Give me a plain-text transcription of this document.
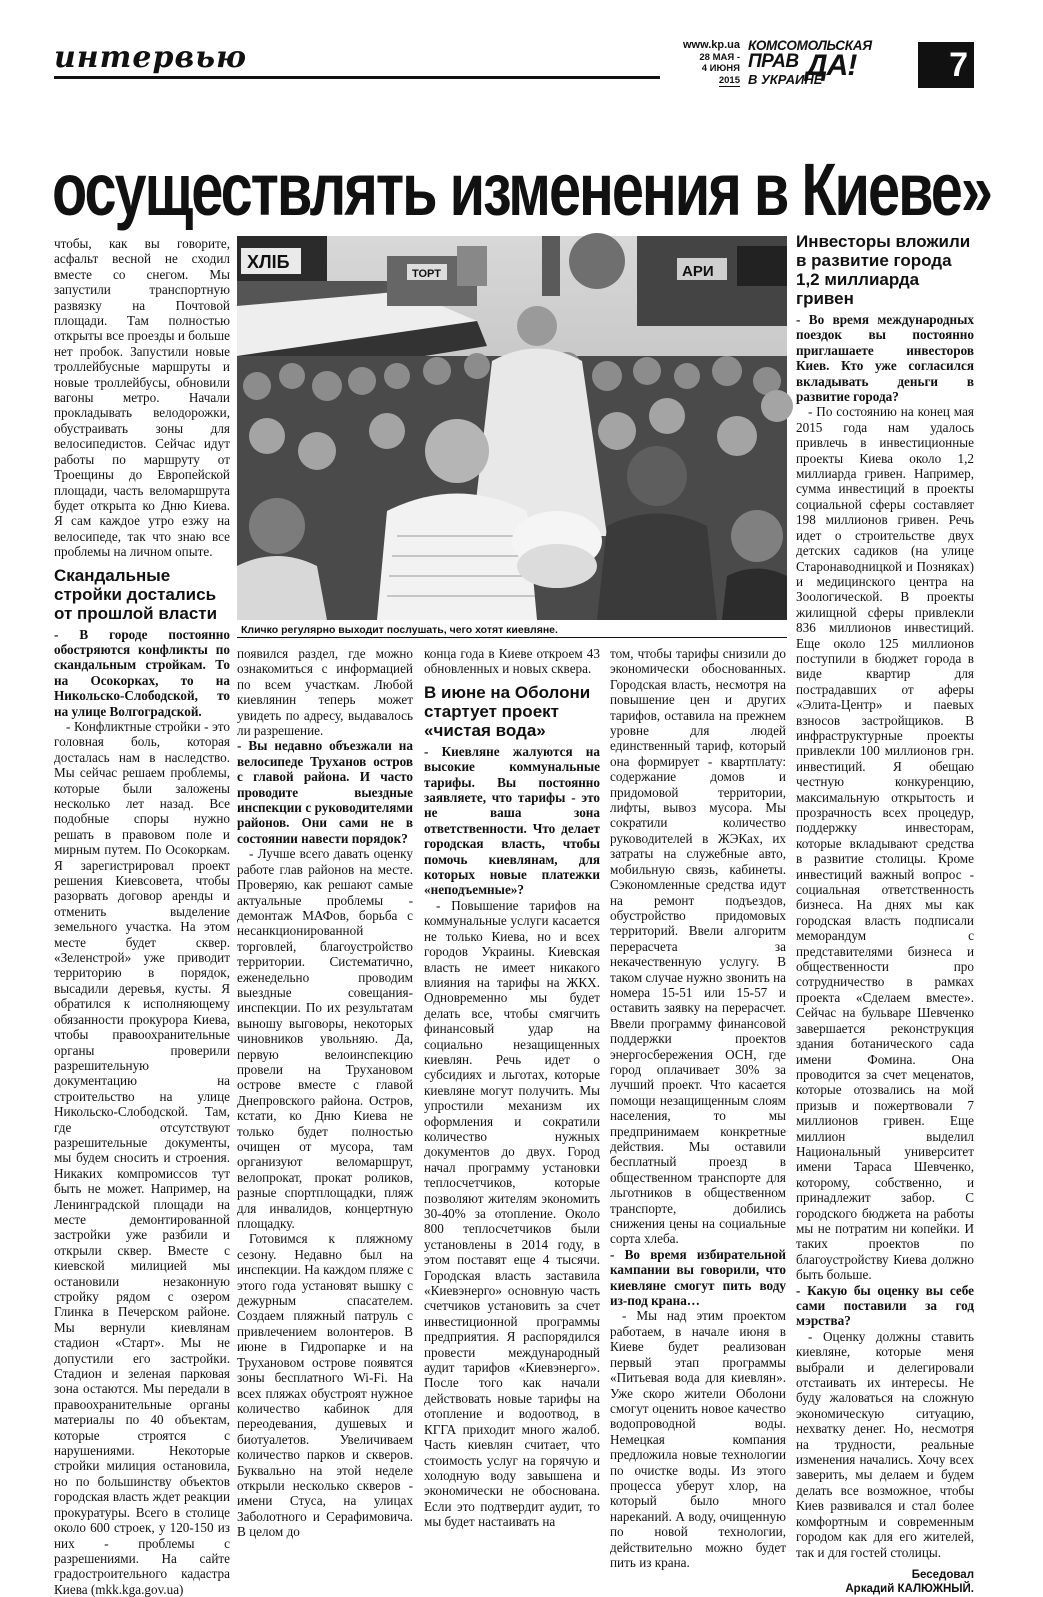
интервью	www.kp.ua
28 МАЯ -
4 ИЮНЯ
2015
КОМСОМОЛЬСКАЯ
ПРАВ ДА!
В УКРАИНЕ	7
осуществлять изменения в Киеве»
ХЛІБ
ТОРТ	АРИ
Кличко регулярно выходит послушать, чего хотят киевляне.

чтобы, как вы говорите, асфальт весной не сходил вместе со снегом. Мы запустили транспортную развязку на Почтовой площади. Там полностью открыты все проезды и больше нет пробок. Запустили новые троллейбусные маршруты и новые троллейбусы, обновили вагоны метро. Начали прокладывать велодорожки, обустраивать зоны для велосипедистов. Сейчас идут работы по маршруту от Троещины до Европейской площади, часть веломаршрута будет открыта ко Дню Киева. Я сам каждое утро езжу на велосипеде, так что знаю все проблемы на личном опыте.

Скандальные стройки достались от прошлой власти

- В городе постоянно обостряются конфликты по скандальным стройкам. То на Осокорках, то на Никольско-Слободской, то на улице Волгоградской.

- Конфликтные стройки - это головная боль, которая досталась нам в наследство. Мы сейчас решаем проблемы, которые были заложены несколько лет назад. Все подобные споры нужно решать в правовом поле и мирным путем. По Осокоркам. Я зарегистрировал проект решения Киевсовета, чтобы разорвать договор аренды и отменить выделение земельного участка. На этом месте будет сквер. «Зеленстрой» уже приводит территорию в порядок, высадили деревья, кусты. Я обратился к исполняющему обязанности прокурора Киева, чтобы правоохранительные органы проверили разрешительную документацию на строительство на улице Никольско-Слободской. Там, где отсутствуют разрешительные документы, мы будем сносить и строения. Никаких компромиссов тут быть не может. Например, на Ленинградской площади на месте демонтированной застройки уже разбили и открыли сквер. Вместе с киевской милицией мы остановили незаконную стройку рядом с озером Глинка в Печерском районе. Мы вернули киевлянам стадион «Старт». Мы не допустили его застройки. Стадион и зеленая парковая зона остаются. Мы передали в правоохранительные органы материалы по 40 объектам, которые строятся с нарушениями. Некоторые стройки милиция остановила, но по большинству объектов городская власть ждет реакции прокуратуры. Всего в столице около 600 строек, у 120-150 из них - проблемы с разрешениями. На сайте градостроительного кадастра Киева (mkk.kga.gov.ua)

появился раздел, где можно ознакомиться с информацией по всем участкам. Любой киевлянин теперь может увидеть по адресу, выдавалось ли разрешение.

- Вы недавно объезжали на велосипеде Труханов остров с главой района. И часто проводите выездные инспекции с руководителями районов. Они сами не в состоянии навести порядок?

- Лучше всего давать оценку работе глав районов на месте. Проверяю, как решают самые актуальные проблемы - демонтаж МАФов, борьба с несанкционированной торговлей, благоустройство территории. Систематично, еженедельно проводим выездные совещания-инспекции. По их результатам выношу выговоры, некоторых чиновников увольняю. Да, первую велоинспекцию провели на Трухановом острове вместе с главой Днепровского района. Остров, кстати, ко Дню Киева не только будет полностью очищен от мусора, там организуют веломаршрут, велопрокат, прокат роликов, разные спортплощадки, пляж для инвалидов, концертную площадку.

Готовимся к пляжному сезону. Недавно был на инспекции. На каждом пляже с этого года установят вышку с дежурным спасателем. Создаем пляжный патруль с привлечением волонтеров. В июне в Гидропарке и на Трухановом острове появятся зоны бесплатного Wi-Fi. На всех пляжах обустроят нужное количество кабинок для переодевания, душевых и биотуалетов. Увеличиваем количество парков и скверов. Буквально на этой неделе открыли несколько скверов - имени Стуса, на улицах Заболотного и Серафимовича. В целом до

конца года в Киеве откроем 43 обновленных и новых сквера.

В июне на Оболони стартует проект «чистая вода»

- Киевляне жалуются на высокие коммунальные тарифы. Вы постоянно заявляете, что тарифы - это не ваша зона ответственности. Что делает городская власть, чтобы помочь киевлянам, для которых новые платежки «неподъемные»?

- Повышение тарифов на коммунальные услуги касается не только Киева, но и всех городов Украины. Киевская власть не имеет никакого влияния на тарифы на ЖКХ. Одновременно мы будет делать все, чтобы смягчить финансовый удар на социально незащищенных киевлян. Речь идет о субсидиях и льготах, которые киевляне могут получить. Мы упростили механизм их оформления и сократили количество нужных документов до двух. Город начал программу установки теплосчетчиков, которые позволяют жителям экономить 30-40% за отопление. Около 800 теплосчетчиков были установлены в 2014 году, в этом поставят еще 4 тысячи. Городская власть заставила «Киевэнерго» основную часть счетчиков установить за счет инвестиционной программы предприятия. Я распорядился провести международный аудит тарифов «Киевэнерго». После того как начали действовать новые тарифы на отопление и водоотвод, в КГГА приходит много жалоб. Часть киевлян считает, что стоимость услуг на горячую и холодную воду завышена и экономически не обоснована. Если это подтвердит аудит, то мы будет настаивать на

том, чтобы тарифы снизили до экономически обоснованных. Городская власть, несмотря на повышение цен и других тарифов, оставила на прежнем уровне для людей единственный тариф, который она формирует - квартплату: содержание домов и придомовой территории, лифты, вывоз мусора. Мы сократили количество руководителей в ЖЭКах, их затраты на служебные авто, мобильную связь, кабинеты. Сэкономленные средства идут на ремонт подъездов, обустройство придомовых территорий. Ввели алгоритм перерасчета за некачественную услугу. В таком случае нужно звонить на номера 15-51 или 15-57 и оставить заявку на перерасчет. Ввели программу финансовой поддержки проектов энергосбережения ОСН, где город оплачивает 30% за лучший проект. Что касается помощи незащищенным слоям населения, то мы предпринимаем конкретные действия. Мы оставили бесплатный проезд в общественном транспорте для льготников в общественном транспорте, добились снижения цены на социальные сорта хлеба.

- Во время избирательной кампании вы говорили, что киевляне смогут пить воду из-под крана…

- Мы над этим проектом работаем, в начале июня в Киеве будет реализован первый этап программы «Питьевая вода для киевлян». Уже скоро жители Оболони смогут оценить новое качество водопроводной воды. Немецкая компания предложила новые технологии по очистке воды. Из этого процесса уберут хлор, на который было много нареканий. А воду, очищенную по новой технологии, действительно можно будет пить из крана.

Инвесторы вложили в развитие города 1,2 миллиарда гривен

- Во время международных поездок вы постоянно приглашаете инвесторов Киев. Кто уже согласился вкладывать деньги в развитие города?

- По состоянию на конец мая 2015 года нам удалось привлечь в инвестиционные проекты Киева около 1,2 миллиарда гривен. Например, сумма инвестиций в проекты социальной сферы составляет 198 миллионов гривен. Речь идет о строительстве двух детских садиков (на улице Старонаводницкой и Позняках) и медицинского центра на Зоологической. В проекты жилищной сферы привлекли 836 миллионов инвестиций. Еще около 125 миллионов поступили в бюджет города в виде квартир для пострадавших от аферы «Элита-Центр» и паевых взносов застройщиков. В инфраструктурные проекты привлекли 100 миллионов грн. инвестиций. Я обещаю честную конкуренцию, максимальную открытость и прозрачность всех процедур, поддержку инвесторам, которые вкладывают средства в развитие столицы. Кроме инвестиций важный вопрос - социальная ответственность бизнеса. На днях мы как городская власть подписали меморандум с представителями бизнеса и общественности про сотрудничество в рамках проекта «Сделаем вместе». Сейчас на бульваре Шевченко завершается реконструкция здания ботанического сада имени Фомина. Она проводится за счет меценатов, которые отозвались на мой призыв и пожертвовали 7 миллионов гривен. Еще миллион выделил Национальный университет имени Тараса Шевченко, которому, собственно, и принадлежит забор. С городского бюджета на работы мы не потратим ни копейки. И таких проектов по благоустройству Киева должно быть больше.

- Какую бы оценку вы себе сами поставили за год мэрства?

- Оценку должны ставить киевляне, которые меня выбрали и делегировали отстаивать их интересы. Не буду жаловаться на сложную экономическую ситуацию, нехватку денег. Но, несмотря на трудности, реальные изменения начались. Хочу всех заверить, мы делаем и будем делать все возможное, чтобы Киев развивался и стал более комфортным и современным городом как для его жителей, так и для гостей столицы.

Беседовал
Аркадий КАЛЮЖНЫЙ.
